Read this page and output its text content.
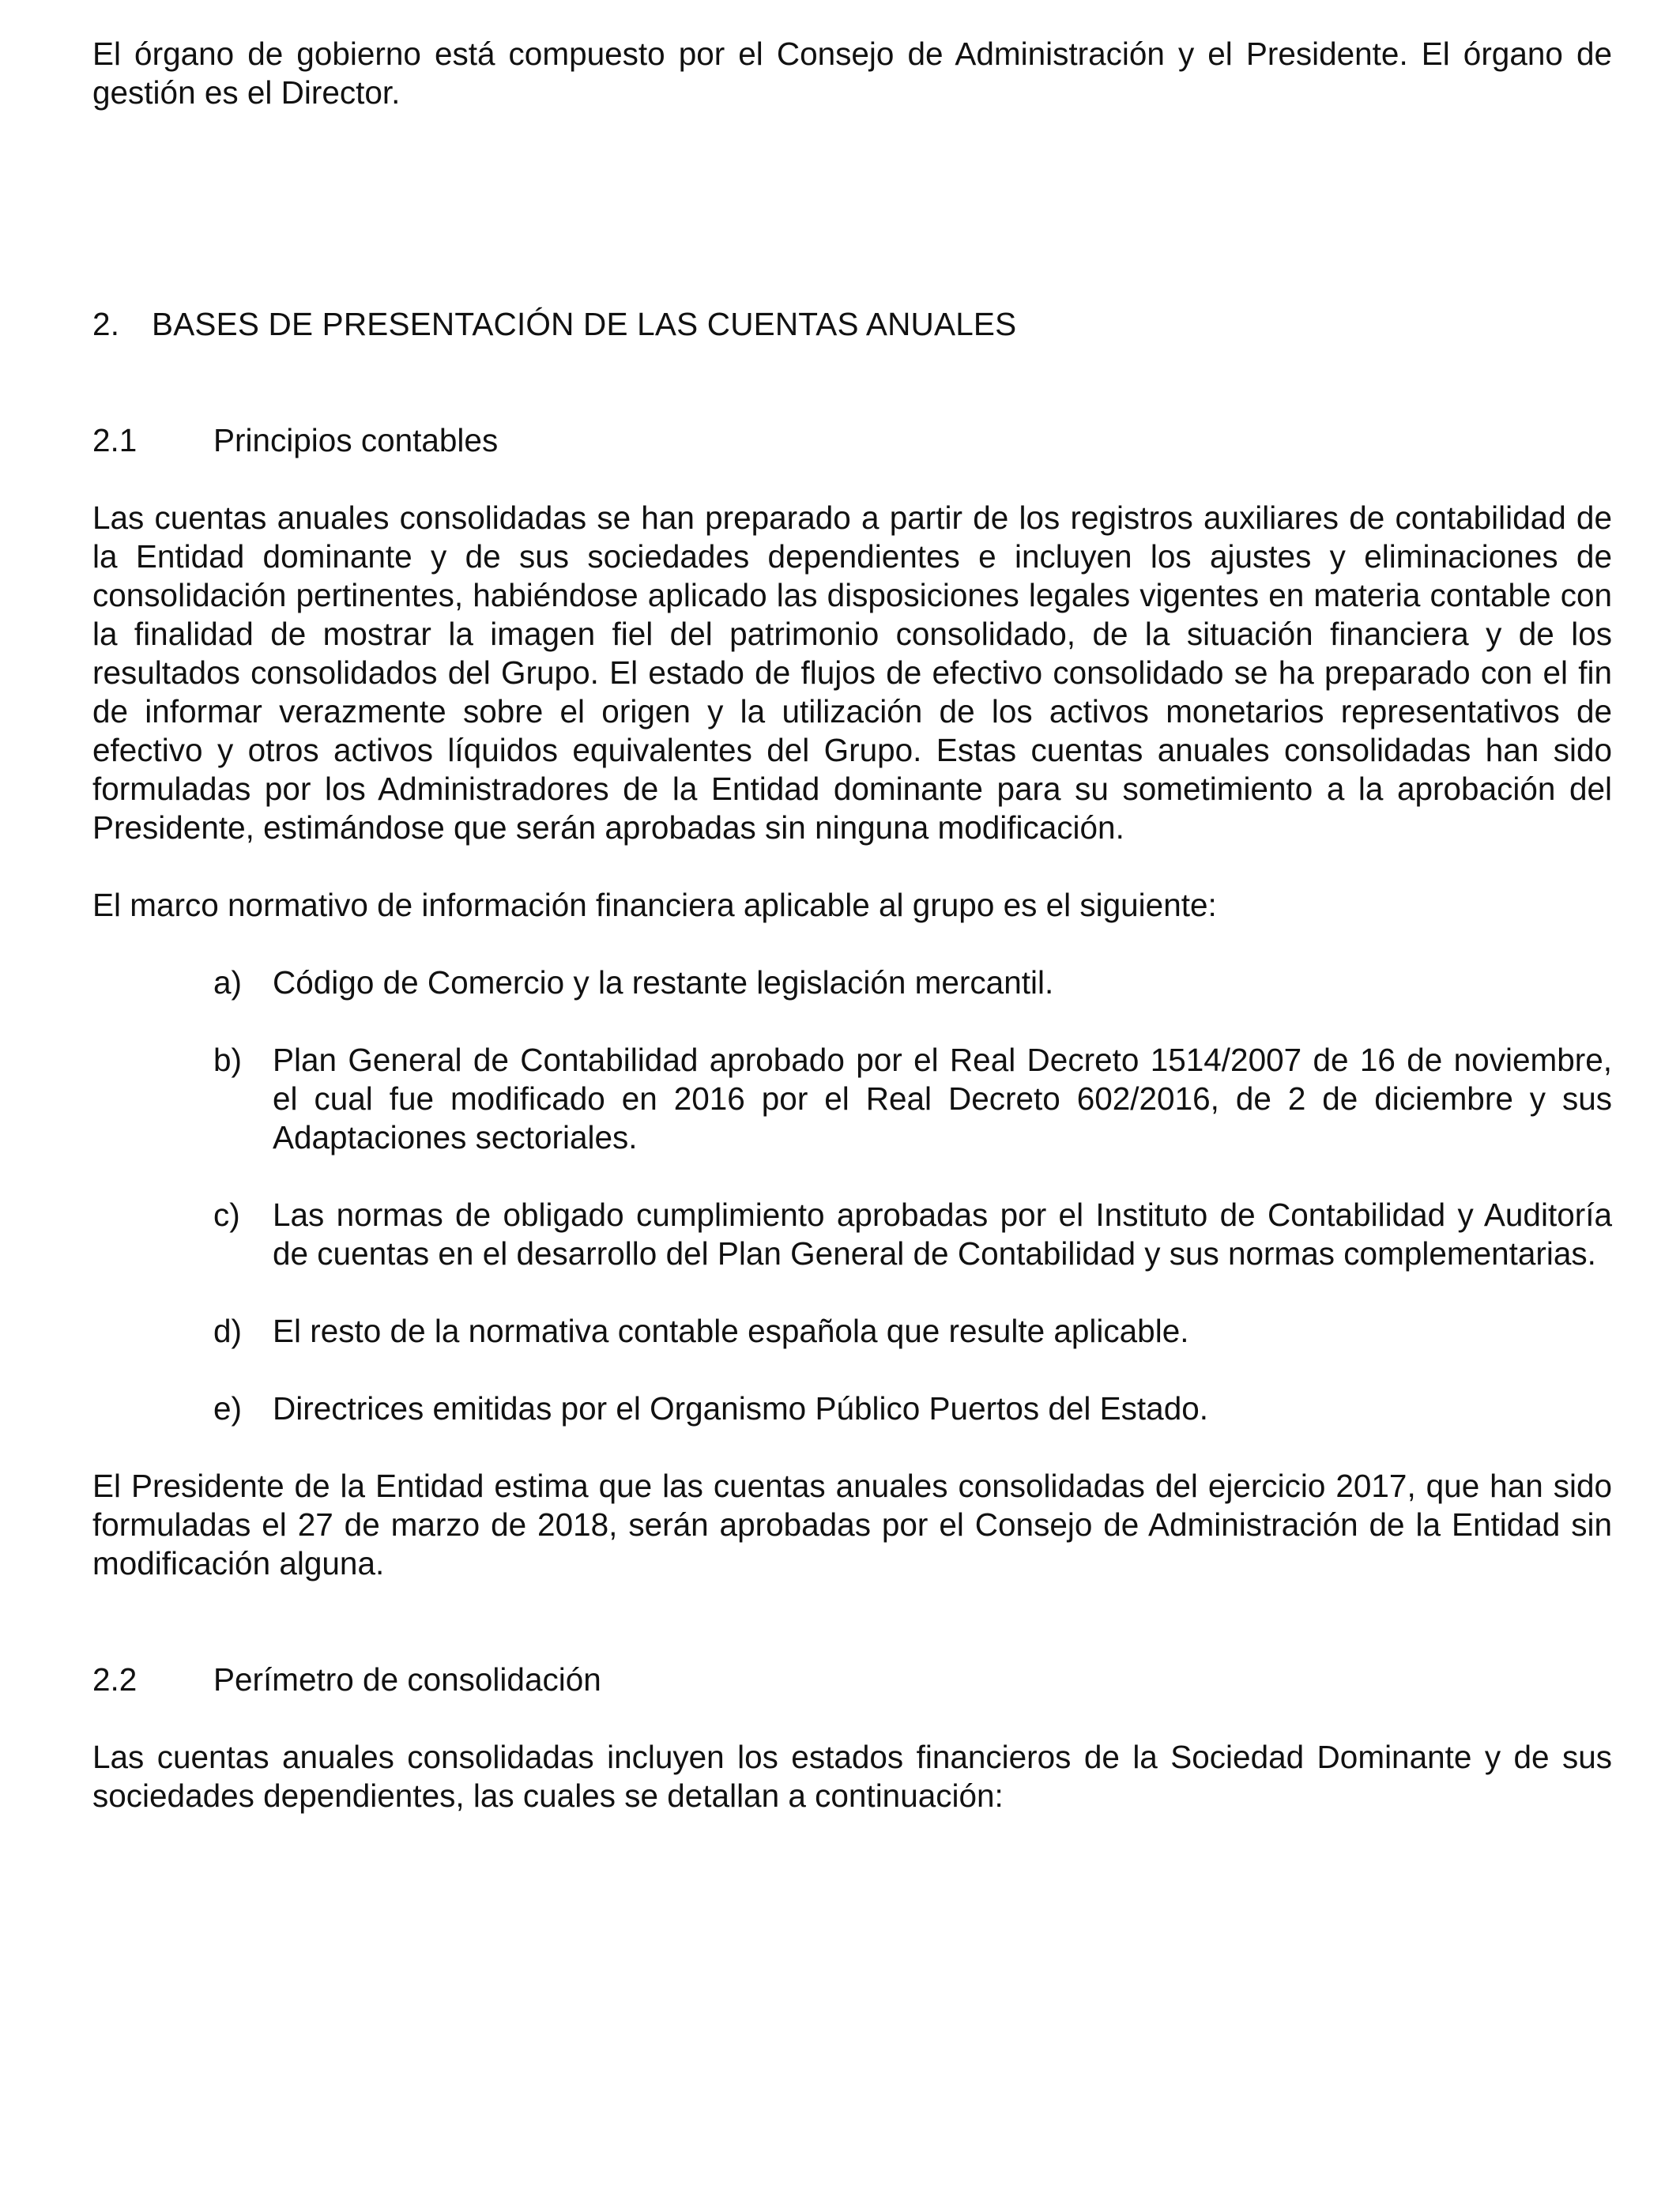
El órgano de gobierno está compuesto por el Consejo de Administración y el Presidente. El órgano de gestión es el Director.

2. BASES DE PRESENTACIÓN DE LAS CUENTAS ANUALES
2.1 Principios contables

Las cuentas anuales consolidadas se han preparado a partir de los registros auxiliares de contabilidad de la Entidad dominante y de sus sociedades dependientes e incluyen los ajustes y eliminaciones de consolidación pertinentes, habiéndose aplicado las disposiciones legales vigentes en materia contable con la finalidad de mostrar la imagen fiel del patrimonio consolidado, de la situación financiera y de los resultados consolidados del Grupo. El estado de flujos de efectivo consolidado se ha preparado con el fin de informar verazmente sobre el origen y la utilización de los activos monetarios representativos de efectivo y otros activos líquidos equivalentes del Grupo. Estas cuentas anuales consolidadas han sido formuladas por los Administradores de la Entidad dominante para su sometimiento a la aprobación del Presidente, estimándose que serán aprobadas sin ninguna modificación.

El marco normativo de información financiera aplicable al grupo es el siguiente:

a) Código de Comercio y la restante legislación mercantil.
b) Plan General de Contabilidad aprobado por el Real Decreto 1514/2007 de 16 de noviembre, el cual fue modificado en 2016 por el Real Decreto 602/2016, de 2 de diciembre y sus Adaptaciones sectoriales.
c) Las normas de obligado cumplimiento aprobadas por el Instituto de Contabilidad y Auditoría de cuentas en el desarrollo del Plan General de Contabilidad y sus normas complementarias.
d) El resto de la normativa contable española que resulte aplicable.
e) Directrices emitidas por el Organismo Público Puertos del Estado.

El Presidente de la Entidad estima que las cuentas anuales consolidadas del ejercicio 2017, que han sido formuladas el 27 de marzo de 2018, serán aprobadas por el Consejo de Administración de la Entidad sin modificación alguna.

2.2 Perímetro de consolidación

Las cuentas anuales consolidadas incluyen los estados financieros de la Sociedad Dominante y de sus sociedades dependientes, las cuales se detallan a continuación:
